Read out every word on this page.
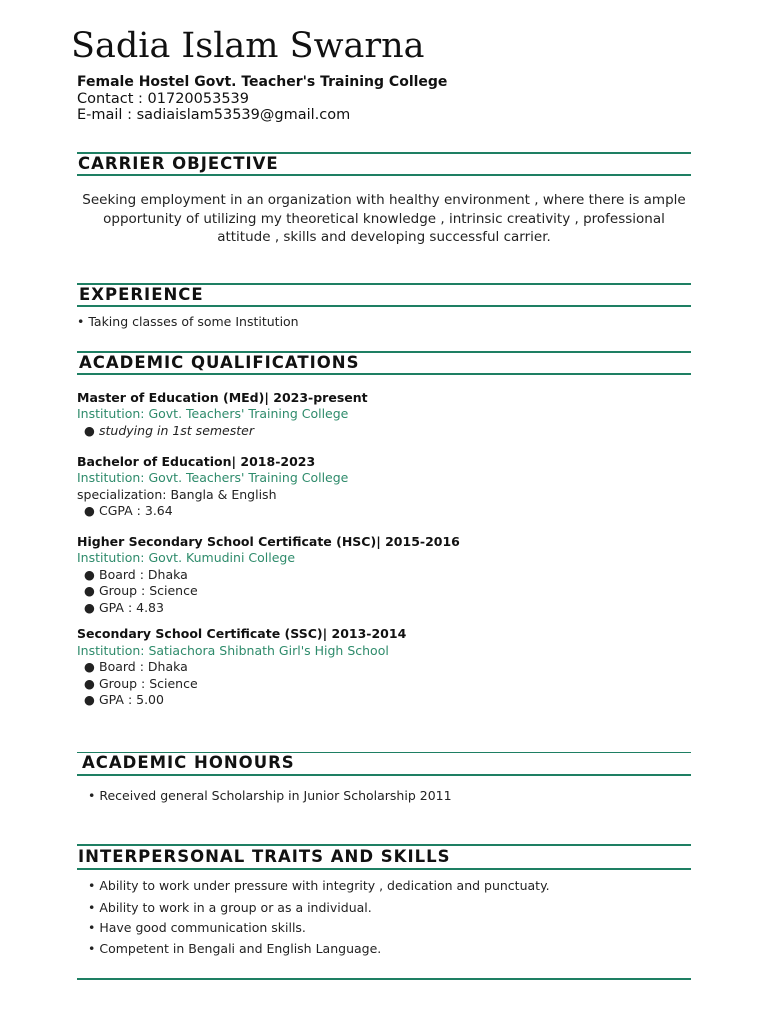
Sadia Islam Swarna
Female Hostel Govt. Teacher's Training College
Contact : 01720053539
E-mail : sadiaislam53539@gmail.com
CARRIER OBJECTIVE
Seeking employment in an organization with healthy environment , where there is ample opportunity of utilizing my theoretical knowledge , intrinsic creativity , professional attitude , skills and developing successful carrier.
EXPERIENCE
• Taking classes of some Institution
ACADEMIC QUALIFICATIONS
Master of Education (MEd)| 2023-present
Institution: Govt. Teachers' Training College
● studying in 1st semester
Bachelor of Education| 2018-2023
Institution: Govt. Teachers' Training College
specialization: Bangla & English
● CGPA : 3.64
Higher Secondary School Certificate (HSC)| 2015-2016
Institution: Govt. Kumudini College
● Board : Dhaka
● Group : Science
● GPA : 4.83
Secondary School Certificate (SSC)| 2013-2014
Institution: Satiachora Shibnath Girl's High School
● Board : Dhaka
● Group : Science
● GPA : 5.00
ACADEMIC HONOURS
• Received general Scholarship in Junior Scholarship 2011
INTERPERSONAL TRAITS AND SKILLS
• Ability to work under pressure with integrity , dedication and punctuaty.
• Ability to work in a group or as a individual.
• Have good communication skills.
• Competent in Bengali and English Language.
